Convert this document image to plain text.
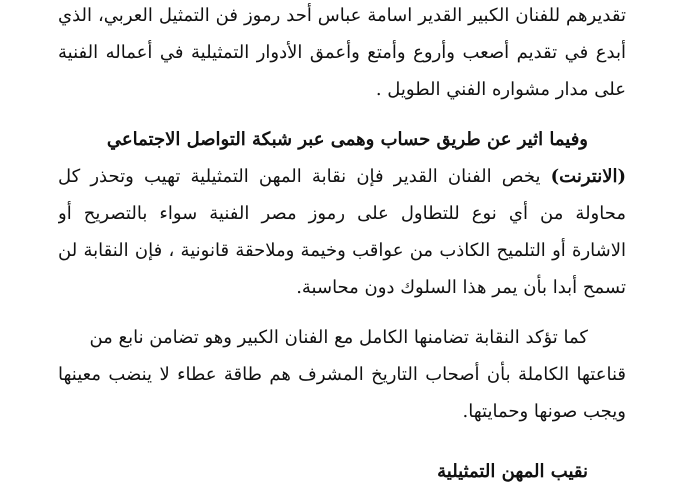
تقديرهم للفنان الكبير القدير اسامة عباس أحد رموز فن التمثيل العربي، الذي
أبدع في تقديم أصعب وأروع وأمتع وأعمق الأدوار التمثيلية في أعماله الفنية
على مدار مشواره الفني الطويل .
وفيما اثير عن طريق حساب وهمى عبر شبكة التواصل الاجتماعي
(الانترنت) يخص الفنان القدير فإن نقابة المهن التمثيلية تهيب وتحذر كل
محاولة من أي نوع للتطاول على رموز مصر الفنية سواء بالتصريح أو
الاشارة أو التلميح الكاذب من عواقب وخيمة وملاحقة قانونية ، فإن النقابة لن
تسمح أبدا بأن يمر هذا السلوك دون محاسبة.
كما تؤكد النقابة تضامنها الكامل مع الفنان الكبير وهو تضامن نابع من
قناعتها الكاملة بأن أصحاب التاريخ المشرف هم طاقة عطاء لا ينضب معينها
ويجب صونها وحمايتها.
نقيب المهن التمثيلية
